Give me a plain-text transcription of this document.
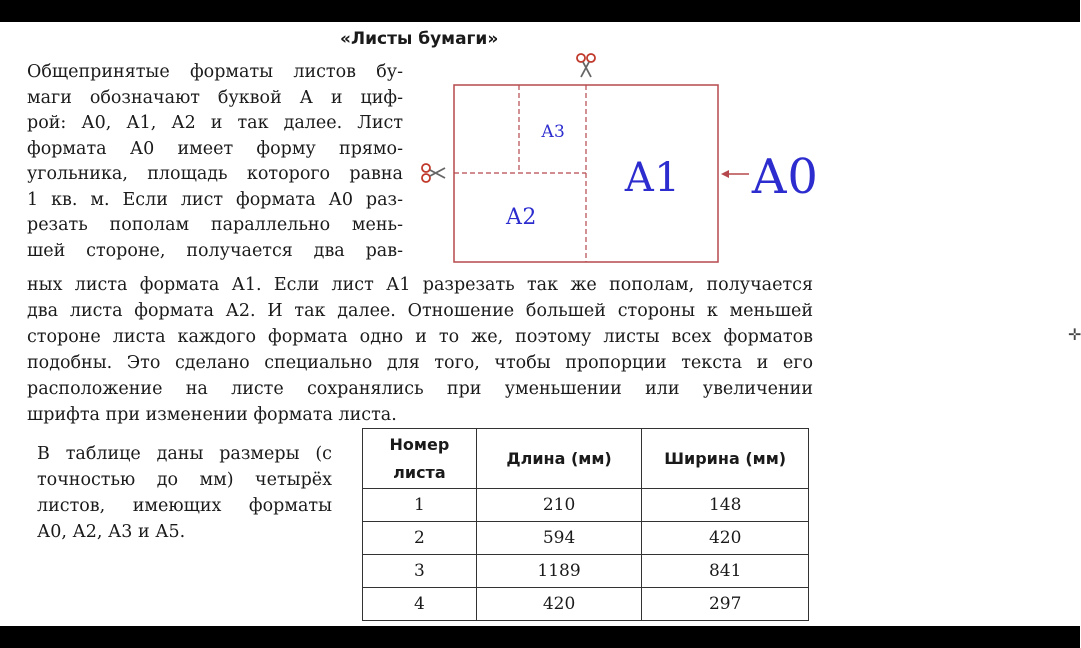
«Листы бумаги»
Общепринятые форматы листов бу-
маги обозначают буквой А и циф-
рой: А0, А1, А2 и так далее. Лист
формата А0 имеет форму прямо-
угольника, площадь которого равна
1 кв. м. Если лист формата А0 раз-
резать пополам параллельно мень-
шей стороне, получается два рав-
А3
А2
А1 А0
ных листа формата А1. Если лист А1 разрезать так же пополам, получается
два листа формата А2. И так далее. Отношение большей стороны к меньшей
стороне листа каждого формата одно и то же, поэтому листы всех форматов
подобны. Это сделано специально для того, чтобы пропорции текста и его
расположение на листе сохранялись при уменьшении или увеличении
шрифта при изменении формата листа.
В таблице даны размеры (с
точностью до мм) четырёх
листов, имеющих форматы
А0, А2, А3 и А5.
Номер
листа	Длина (мм)	Ширина (мм)
1	210	148
2	594	420
3	1189	841
4	420	297
✛
